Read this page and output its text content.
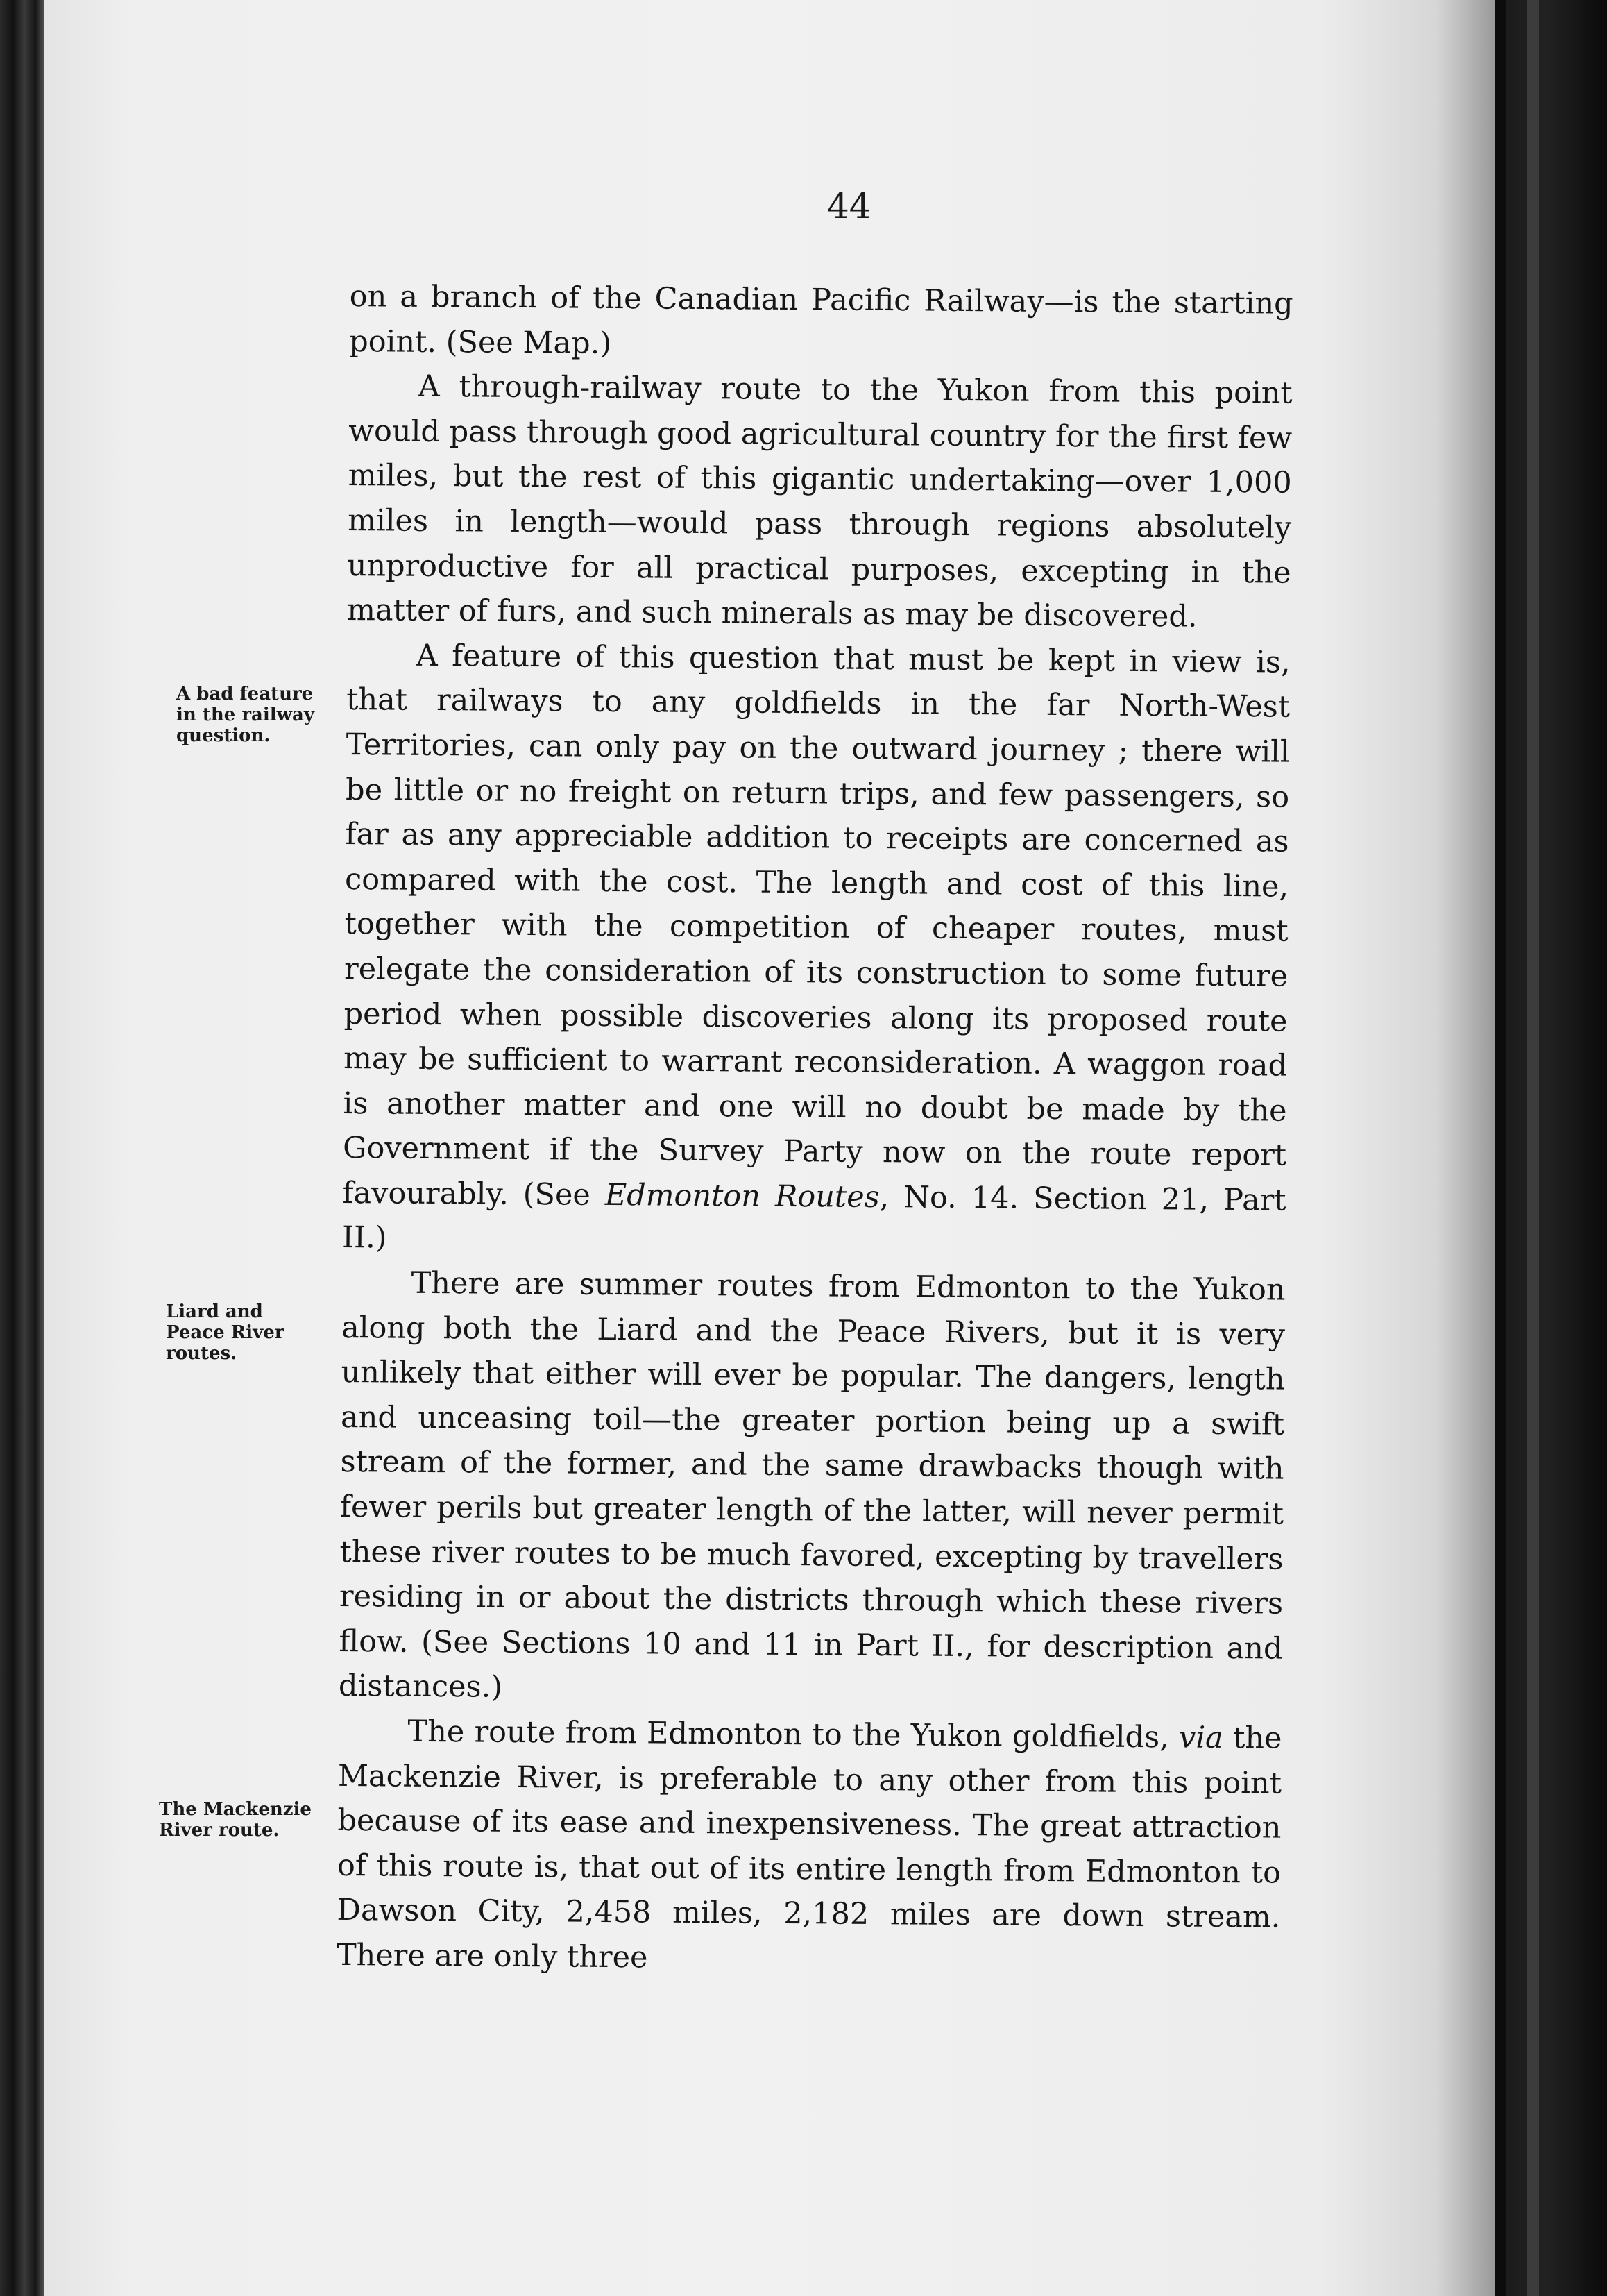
44

A bad feature
in the railway
question.

Liard and
Peace River
routes.

The Mackenzie
River route.

on a branch of the Canadian Pacific Railway—is the starting point. (See Map.)

A through-railway route to the Yukon from this point would pass through good agricultural country for the first few miles, but the rest of this gigantic undertaking—over 1,000 miles in length—would pass through regions absolutely unproductive for all practical purposes, excepting in the matter of furs, and such minerals as may be discovered.

A feature of this question that must be kept in view is, that railways to any goldfields in the far North-West Territories, can only pay on the outward journey ; there will be little or no freight on return trips, and few passengers, so far as any appreciable addition to receipts are concerned as compared with the cost. The length and cost of this line, together with the competition of cheaper routes, must relegate the consideration of its construction to some future period when possible discoveries along its proposed route may be sufficient to warrant reconsideration. A waggon road is another matter and one will no doubt be made by the Government if the Survey Party now on the route report favourably. (See Edmonton Routes, No. 14. Section 21, Part II.)

There are summer routes from Edmonton to the Yukon along both the Liard and the Peace Rivers, but it is very unlikely that either will ever be popular. The dangers, length and unceasing toil—the greater portion being up a swift stream of the former, and the same drawbacks though with fewer perils but greater length of the latter, will never permit these river routes to be much favored, excepting by travellers residing in or about the districts through which these rivers flow. (See Sections 10 and 11 in Part II., for description and distances.)

The route from Edmonton to the Yukon goldfields, via the Mackenzie River, is preferable to any other from this point because of its ease and inexpensiveness. The great attraction of this route is, that out of its entire length from Edmonton to Dawson City, 2,458 miles, 2,182 miles are down stream. There are only three
